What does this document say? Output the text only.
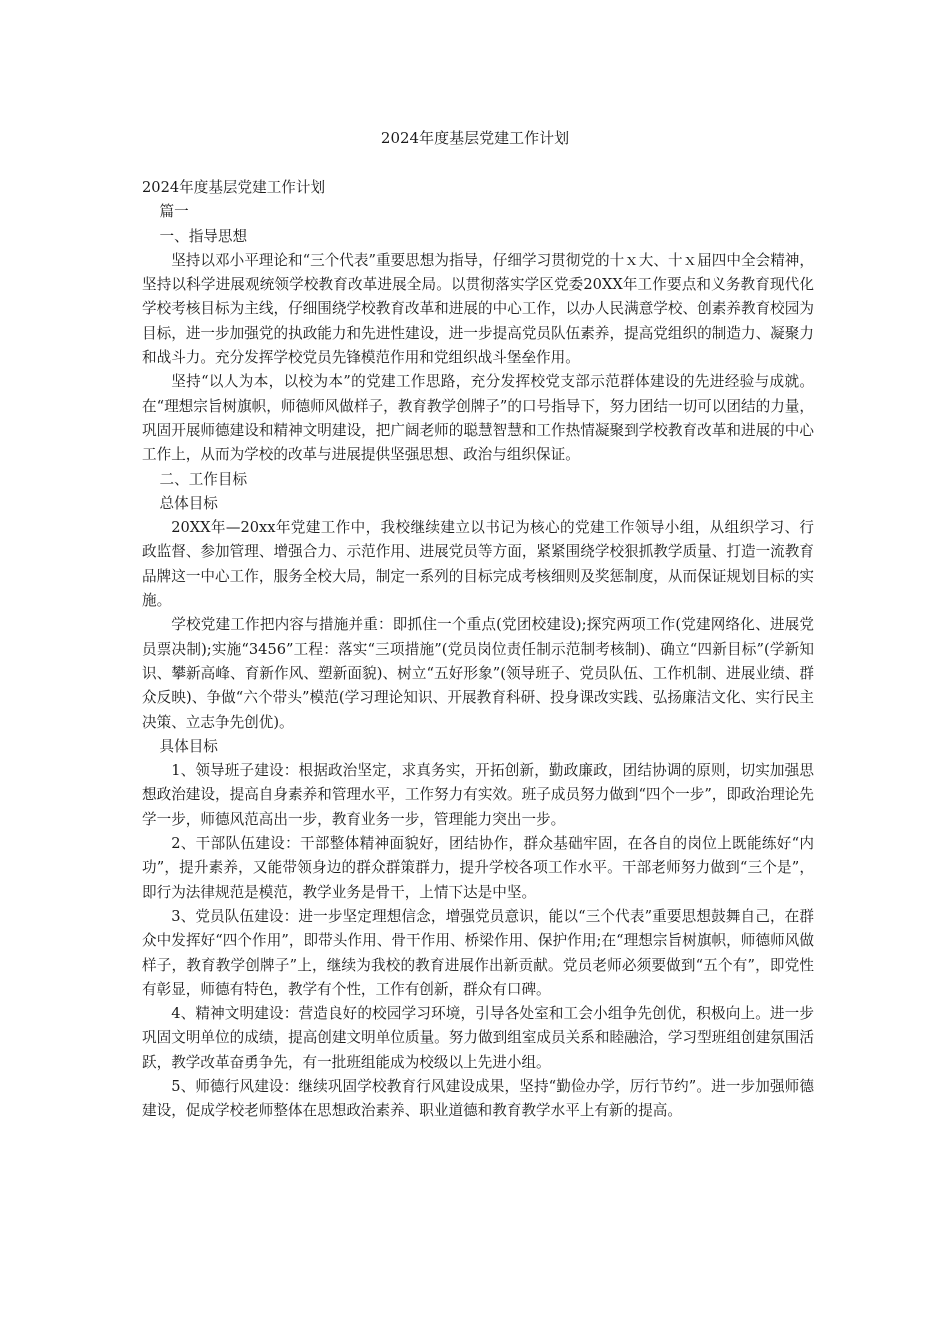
2024年度基层党建工作计划

2024年度基层党建工作计划

篇一

一、指导思想

坚持以邓小平理论和“三个代表”重要思想为指导，仔细学习贯彻党的十ｘ大、十ｘ届四中全会精神，坚持以科学进展观统领学校教育改革进展全局。以贯彻落实学区党委20XX年工作要点和义务教育现代化学校考核目标为主线，仔细围绕学校教育改革和进展的中心工作，以办人民满意学校、创素养教育校园为目标，进一步加强党的执政能力和先进性建设，进一步提高党员队伍素养，提高党组织的制造力、凝聚力和战斗力。充分发挥学校党员先锋模范作用和党组织战斗堡垒作用。

坚持“以人为本，以校为本”的党建工作思路，充分发挥校党支部示范群体建设的先进经验与成就。在“理想宗旨树旗帜，师德师风做样子，教育教学创牌子”的口号指导下，努力团结一切可以团结的力量，巩固开展师德建设和精神文明建设，把广阔老师的聪慧智慧和工作热情凝聚到学校教育改革和进展的中心工作上，从而为学校的改革与进展提供坚强思想、政治与组织保证。

二、工作目标

总体目标

20XX年—20xx年党建工作中，我校继续建立以书记为核心的党建工作领导小组，从组织学习、行政监督、参加管理、增强合力、示范作用、进展党员等方面，紧紧围绕学校狠抓教学质量、打造一流教育品牌这一中心工作，服务全校大局，制定一系列的目标完成考核细则及奖惩制度，从而保证规划目标的实施。

学校党建工作把内容与措施并重：即抓住一个重点(党团校建设);探究两项工作(党建网络化、进展党员票决制);实施“3456”工程：落实“三项措施”(党员岗位责任制示范制考核制)、确立“四新目标”(学新知识、攀新高峰、育新作风、塑新面貌)、树立“五好形象”(领导班子、党员队伍、工作机制、进展业绩、群众反映)、争做“六个带头”模范(学习理论知识、开展教育科研、投身课改实践、弘扬廉洁文化、实行民主决策、立志争先创优)。

具体目标

1、领导班子建设：根据政治坚定，求真务实，开拓创新，勤政廉政，团结协调的原则，切实加强思想政治建设，提高自身素养和管理水平，工作努力有实效。班子成员努力做到“四个一步”，即政治理论先学一步，师德风范高出一步，教育业务一步，管理能力突出一步。

2、干部队伍建设：干部整体精神面貌好，团结协作，群众基础牢固，在各自的岗位上既能练好“内功”，提升素养，又能带领身边的群众群策群力，提升学校各项工作水平。干部老师努力做到“三个是”，即行为法律规范是模范，教学业务是骨干，上情下达是中坚。

3、党员队伍建设：进一步坚定理想信念，增强党员意识，能以“三个代表”重要思想鼓舞自己，在群众中发挥好“四个作用”，即带头作用、骨干作用、桥梁作用、保护作用;在“理想宗旨树旗帜，师德师风做样子，教育教学创牌子”上，继续为我校的教育进展作出新贡献。党员老师必须要做到“五个有”，即党性有彰显，师德有特色，教学有个性，工作有创新，群众有口碑。

4、精神文明建设：营造良好的校园学习环境，引导各处室和工会小组争先创优，积极向上。进一步巩固文明单位的成绩，提高创建文明单位质量。努力做到组室成员关系和睦融洽，学习型班组创建氛围活跃，教学改革奋勇争先，有一批班组能成为校级以上先进小组。

5、师德行风建设：继续巩固学校教育行风建设成果，坚持“勤俭办学，厉行节约”。进一步加强师德建设，促成学校老师整体在思想政治素养、职业道德和教育教学水平上有新的提高。
